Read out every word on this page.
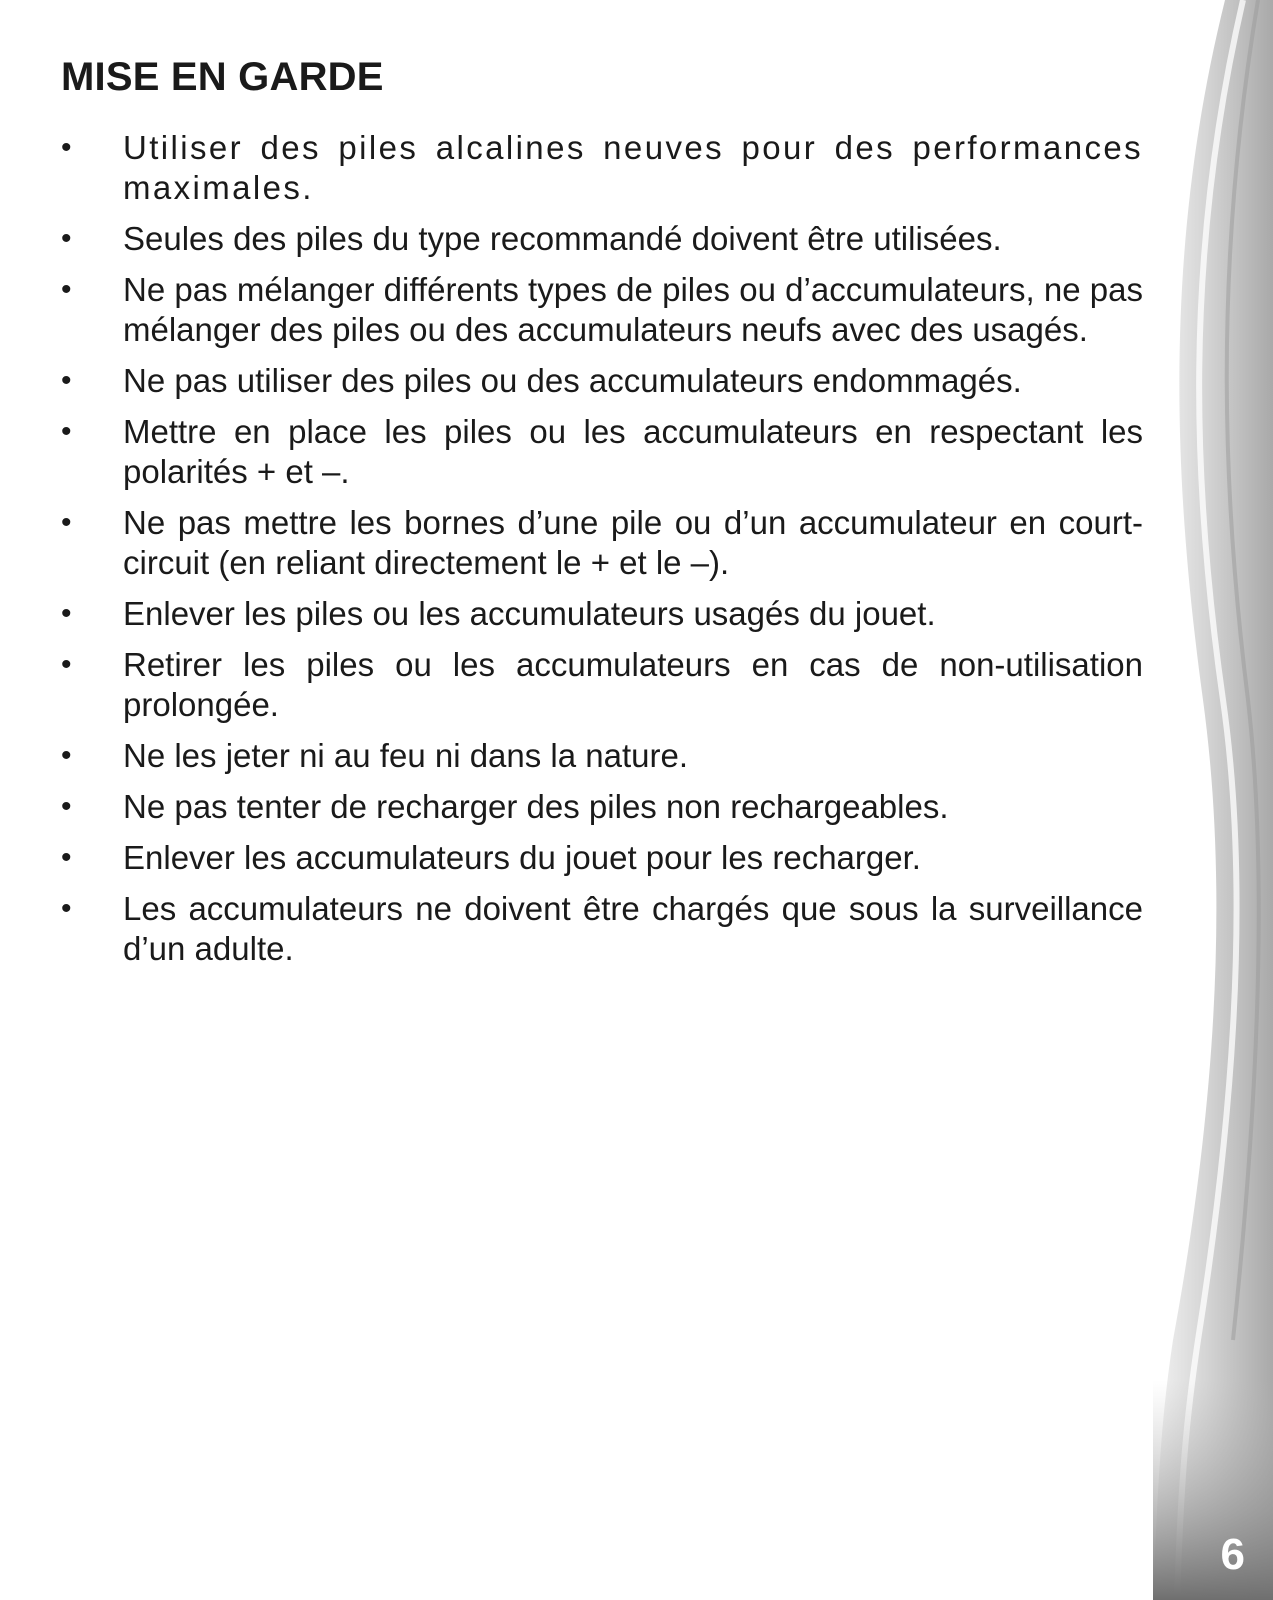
MISE EN GARDE
• Utiliser des piles alcalines neuves pour des performances maximales.
• Seules des piles du type recommandé doivent être utilisées.
• Ne pas mélanger différents types de piles ou d’accumulateurs, ne pas mélanger des piles ou des accumulateurs neufs avec des usagés.
• Ne pas utiliser des piles ou des accumulateurs endommagés.
• Mettre en place les piles ou les accumulateurs en respectant les polarités + et –.
• Ne pas mettre les bornes d’une pile ou d’un accumulateur en court-circuit (en reliant directement le + et le –).
• Enlever les piles ou les accumulateurs usagés du jouet.
• Retirer les piles ou les accumulateurs en cas de non-utilisation prolongée.
• Ne les jeter ni au feu ni dans la nature.
• Ne pas tenter de recharger des piles non rechargeables.
• Enlever les accumulateurs du jouet pour les recharger.
• Les accumulateurs ne doivent être chargés que sous la surveillance d’un adulte.
6
